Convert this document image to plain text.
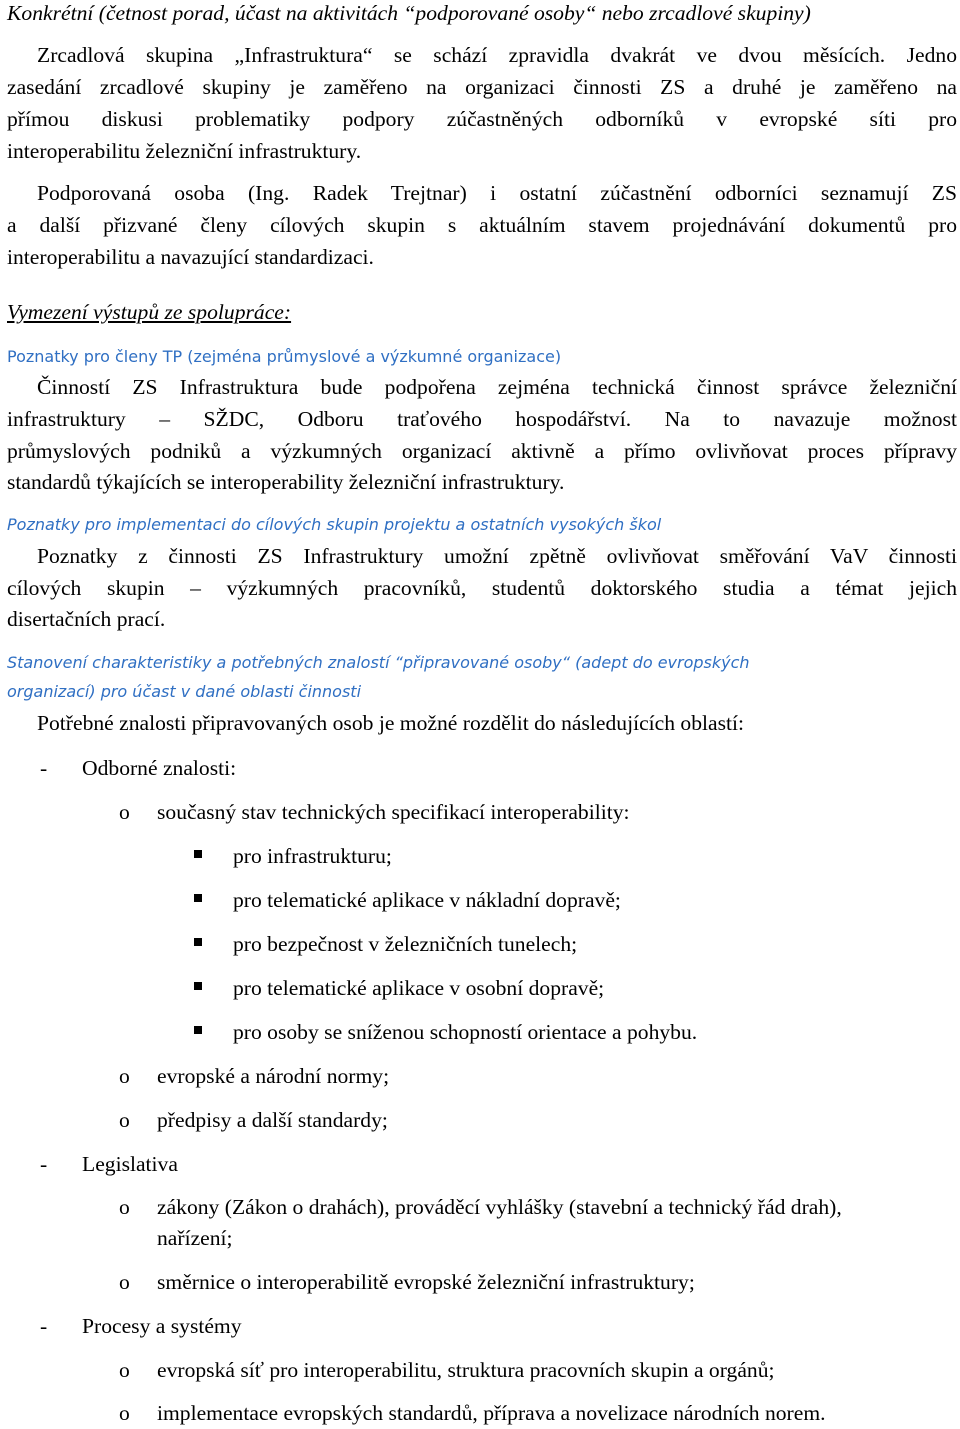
Konkrétní (četnost porad, účast na aktivitách “podporované osoby“ nebo zrcadlové skupiny)
Zrcadlová skupina „Infrastruktura“ se schází zpravidla dvakrát ve dvou měsících. Jedno
zasedání zrcadlové skupiny je zaměřeno na organizaci činnosti ZS a druhé je zaměřeno na
přímou diskusi problematiky podpory zúčastněných odborníků v evropské síti pro
interoperabilitu železniční infrastruktury.
Podporovaná osoba (Ing. Radek Trejtnar) i ostatní zúčastnění odborníci seznamují ZS
a další přizvané členy cílových skupin s aktuálním stavem projednávání dokumentů pro
interoperabilitu a navazující standardizaci.
Vymezení výstupů ze spolupráce:
Poznatky pro členy TP (zejména průmyslové a výzkumné organizace)
Činností ZS Infrastruktura bude podpořena zejména technická činnost správce železniční
infrastruktury – SŽDC, Odboru traťového hospodářství. Na to navazuje možnost
průmyslových podniků a výzkumných organizací aktivně a přímo ovlivňovat proces přípravy
standardů týkajících se interoperability železniční infrastruktury.
Poznatky pro implementaci do cílových skupin projektu a ostatních vysokých škol
Poznatky z činnosti ZS Infrastruktury umožní zpětně ovlivňovat směřování VaV činnosti
cílových skupin – výzkumných pracovníků, studentů doktorského studia a témat jejich
disertačních prací.
Stanovení charakteristiky a potřebných znalostí “připravované osoby“ (adept do evropských
organizací) pro účast v dané oblasti činnosti
Potřebné znalosti připravovaných osob je možné rozdělit do následujících oblastí:
- Odborné znalosti:
o současný stav technických specifikací interoperability:
pro infrastrukturu;
pro telematické aplikace v nákladní dopravě;
pro bezpečnost v železničních tunelech;
pro telematické aplikace v osobní dopravě;
pro osoby se sníženou schopností orientace a pohybu.
o evropské a národní normy;
o předpisy a další standardy;
- Legislativa
o zákony (Zákon o drahách), prováděcí vyhlášky (stavební a technický řád drah),
nařízení;
o směrnice o interoperabilitě evropské železniční infrastruktury;
- Procesy a systémy
o evropská síť pro interoperabilitu, struktura pracovních skupin a orgánů;
o implementace evropských standardů, příprava a novelizace národních norem.
